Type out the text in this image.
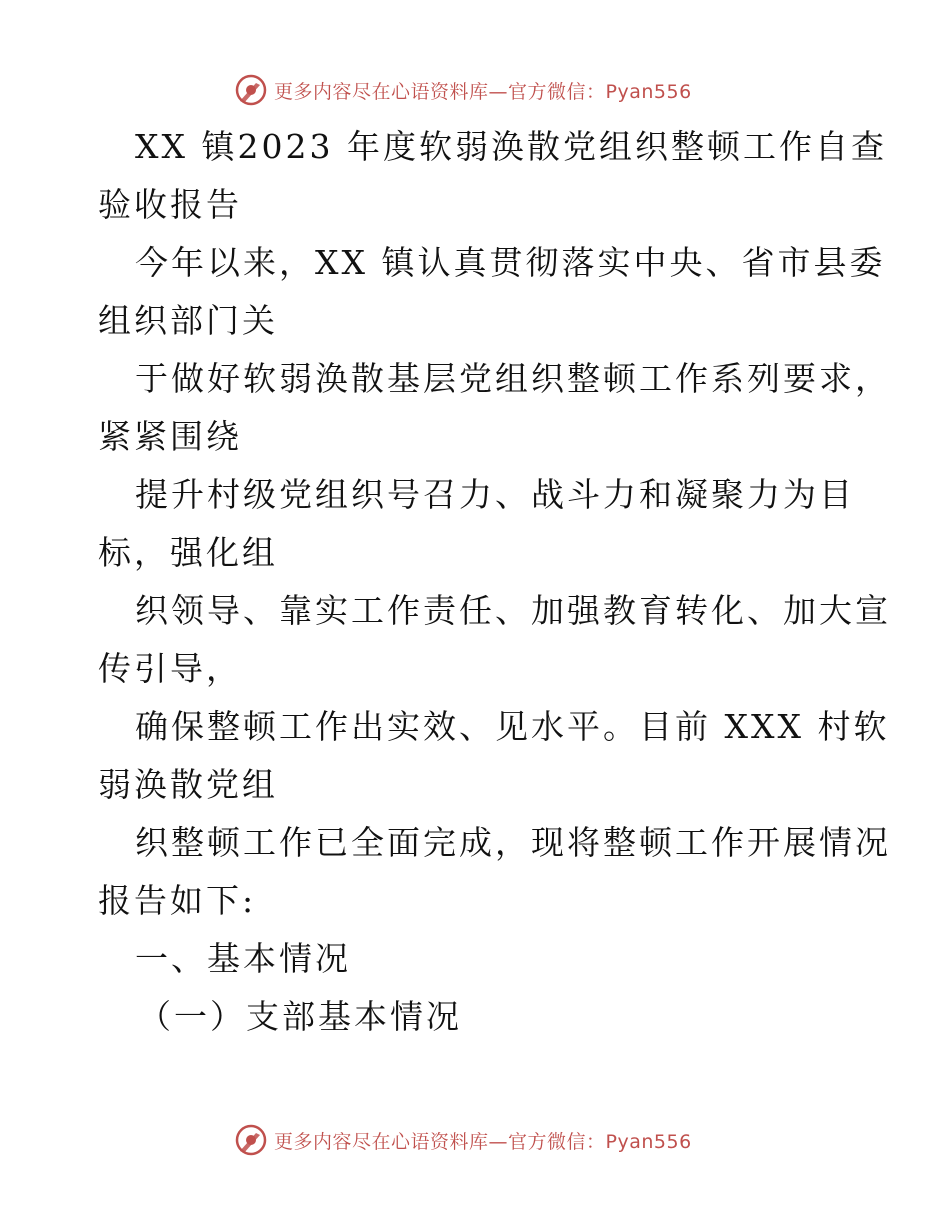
更多内容尽在心语资料库—官方微信：Pyan556
XX 镇2023 年度软弱涣散党组织整顿工作自查
验收报告
今年以来，XX 镇认真贯彻落实中央、省市县委
组织部门关
于做好软弱涣散基层党组织整顿工作系列要求，
紧紧围绕
提升村级党组织号召力、战斗力和凝聚力为目
标，强化组
织领导、靠实工作责任、加强教育转化、加大宣
传引导，
确保整顿工作出实效、见水平。目前 XXX 村软
弱涣散党组
织整顿工作已全面完成，现将整顿工作开展情况
报告如下:
一、基本情况
（一）支部基本情况
更多内容尽在心语资料库—官方微信：Pyan556
